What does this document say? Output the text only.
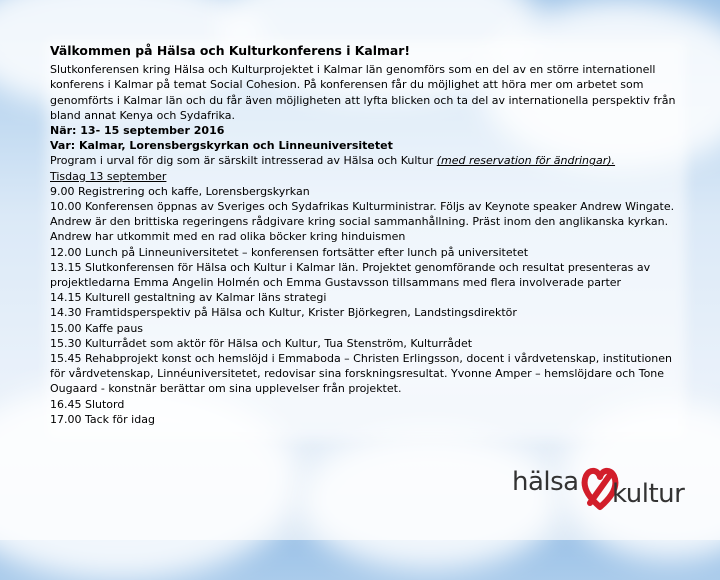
Välkommen på Hälsa och Kulturkonferens i Kalmar!

Slutkonferensen kring Hälsa och Kulturprojektet i Kalmar län genomförs som en del av en större internationell konferens i Kalmar på temat Social Cohesion. På konferensen får du möjlighet att höra mer om arbetet som genomförts i Kalmar län och du får även möjligheten att lyfta blicken och ta del av internationella perspektiv från bland annat Kenya och Sydafrika.

När: 13- 15 september 2016

Var: Kalmar, Lorensbergskyrkan och Linneuniversitetet

Program i urval för dig som är särskilt intresserad av Hälsa och Kultur (med reservation för ändringar).

Tisdag 13 september

9.00 Registrering och kaffe, Lorensbergskyrkan

10.00 Konferensen öppnas av Sveriges och Sydafrikas Kulturministrar. Följs av Keynote speaker Andrew Wingate. Andrew är den brittiska regeringens rådgivare kring social sammanhållning. Präst inom den anglikanska kyrkan. Andrew har utkommit med en rad olika böcker kring hinduismen

12.00 Lunch på Linneuniversitetet – konferensen fortsätter efter lunch på universitetet

13.15 Slutkonferensen för Hälsa och Kultur i Kalmar län. Projektet genomförande och resultat presenteras av projektledarna Emma Angelin Holmén och Emma Gustavsson tillsammans med flera involverade parter

14.15 Kulturell gestaltning av Kalmar läns strategi

14.30 Framtidsperspektiv på Hälsa och Kultur, Krister Björkegren, Landstingsdirektör

15.00 Kaffe paus

15.30 Kulturrådet som aktör för Hälsa och Kultur, Tua Stenström, Kulturrådet

15.45 Rehabprojekt konst och hemslöjd i Emmaboda – Christen Erlingsson, docent i vårdvetenskap, institutionen för vårdvetenskap, Linnéuniversitetet, redovisar sina forskningsresultat. Yvonne Amper – hemslöjdare och Tone Ougaard - konstnär berättar om sina upplevelser från projektet.

16.45 Slutord

17.00 Tack för idag

hälsa kultur
